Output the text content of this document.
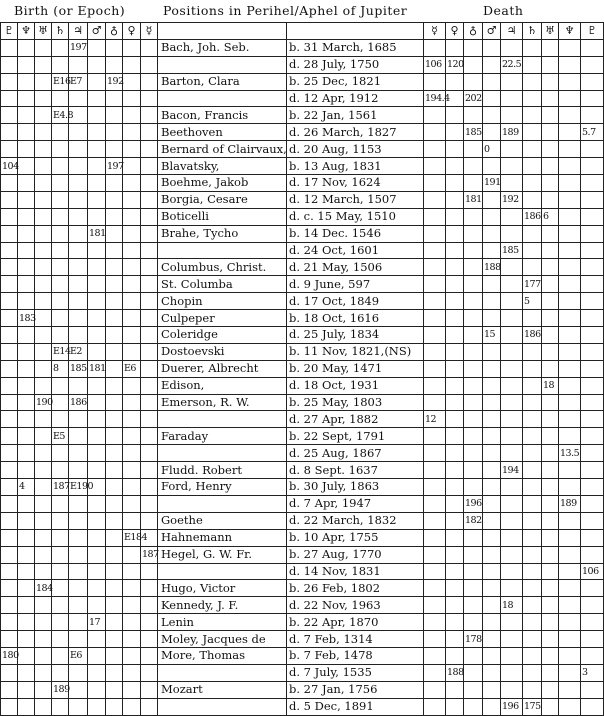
Birth (or Epoch)	Positions in Perihel/Aphel of Jupiter	Death
♇	♆	♅	♄	♃	♂	♁	♀	☿			☿	♀	♁	♂	♃	♄	♅	♆	♇
				197					Bach, Joh. Seb.	b. 31 March, 1685									
										d. 28 July, 1750	106	120			22.5				
			E16	E7		192			Barton, Clara	b. 25 Dec, 1821									
										d. 12 Apr, 1912	194.4		202						
			E4.8						Bacon, Francis	b. 22 Jan, 1561									
									Beethoven	d. 26 March, 1827			185		189				5.7
									Bernard of Clairvaux,	d. 20 Aug, 1153				0					
104						197			Blavatsky,	b. 13 Aug, 1831									
									Boehme, Jakob	d. 17 Nov, 1624				191					
									Borgia, Cesare	d. 12 March, 1507			181		192				
									Boticelli	d. c. 15 May, 1510						186	6		
					181				Brahe, Tycho	b. 14 Dec. 1546									
										d. 24 Oct, 1601					185				
									Columbus, Christ.	d. 21 May, 1506				188					
									St. Columba	d. 9 June, 597						177			
									Chopin	d. 17 Oct, 1849						5			
	183								Culpeper	b. 18 Oct, 1616									
									Coleridge	d. 25 July, 1834				15		186			
			E14	E2					Dostoevski	b. 11 Nov, 1821,(NS)									
			8	185	181		E6		Duerer, Albrecht	b. 20 May, 1471									
									Edison,	d. 18 Oct, 1931							18		
		190		186					Emerson, R. W.	b. 25 May, 1803									
										d. 27 Apr, 1882	12								
			E5						Faraday	b. 22 Sept, 1791									
										d. 25 Aug, 1867								13.5	
									Fludd. Robert	d. 8 Sept. 1637					194				
	4		187	E190					Ford, Henry	b. 30 July, 1863									
										d. 7 Apr, 1947			196					189	
									Goethe	d. 22 March, 1832			182						
							E184		Hahnemann	b. 10 Apr, 1755									
								187	Hegel, G. W. Fr.	b. 27 Aug, 1770									
										d. 14 Nov, 1831									106
		184							Hugo, Victor	b. 26 Feb, 1802									
									Kennedy, J. F.	d. 22 Nov, 1963					18				
					17				Lenin	b. 22 Apr, 1870									
									Moley, Jacques de	d. 7 Feb, 1314			178						
180				E6					More, Thomas	b. 7 Feb, 1478									
										d. 7 July, 1535		188							3
			189						Mozart	b. 27 Jan, 1756									
										d. 5 Dec, 1891					196	175			
